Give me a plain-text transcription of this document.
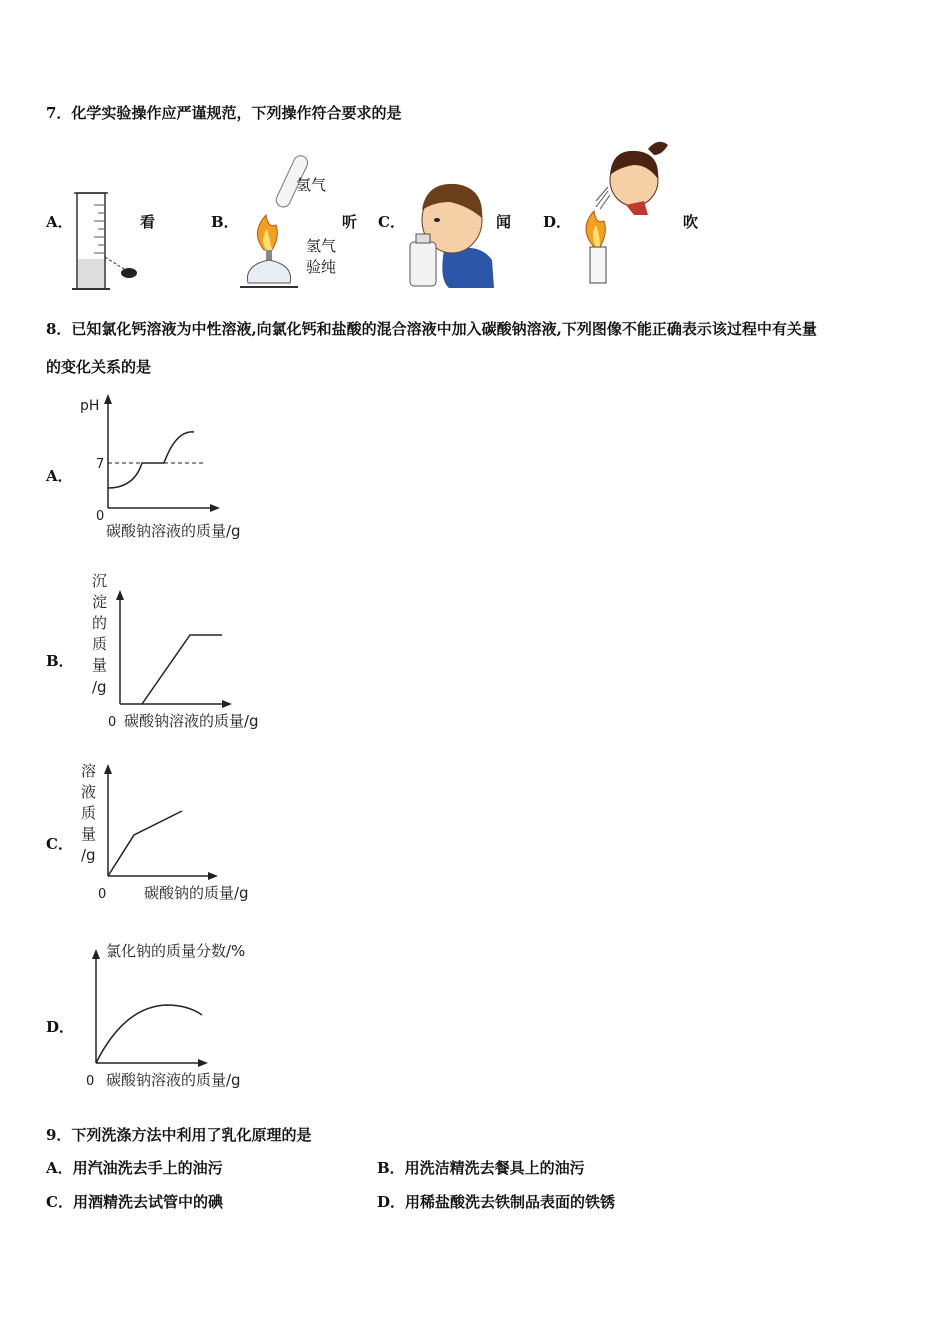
7．化学实验操作应严谨规范，下列操作符合要求的是
A．	看	B．
氢气
氢气
验纯
听 C．	闻 D．	吹
8．已知氯化钙溶液为中性溶液,向氯化钙和盐酸的混合溶液中加入碳酸钠溶液,下列图像不能正确表示该过程中有关量
的变化关系的是
A．
pH
7
0
碳酸钠溶液的质量/g
B．
沉
淀
的
质
量
/g
0 碳酸钠溶液的质量/g
C．
溶
液
质
量
/g
0	碳酸钠的质量/g
D．
氯化钠的质量分数/%
0 碳酸钠溶液的质量/g
9．下列洗涤方法中利用了乳化原理的是
A．用汽油洗去手上的油污	B．用洗洁精洗去餐具上的油污
C．用酒精洗去试管中的碘	D．用稀盐酸洗去铁制品表面的铁锈
